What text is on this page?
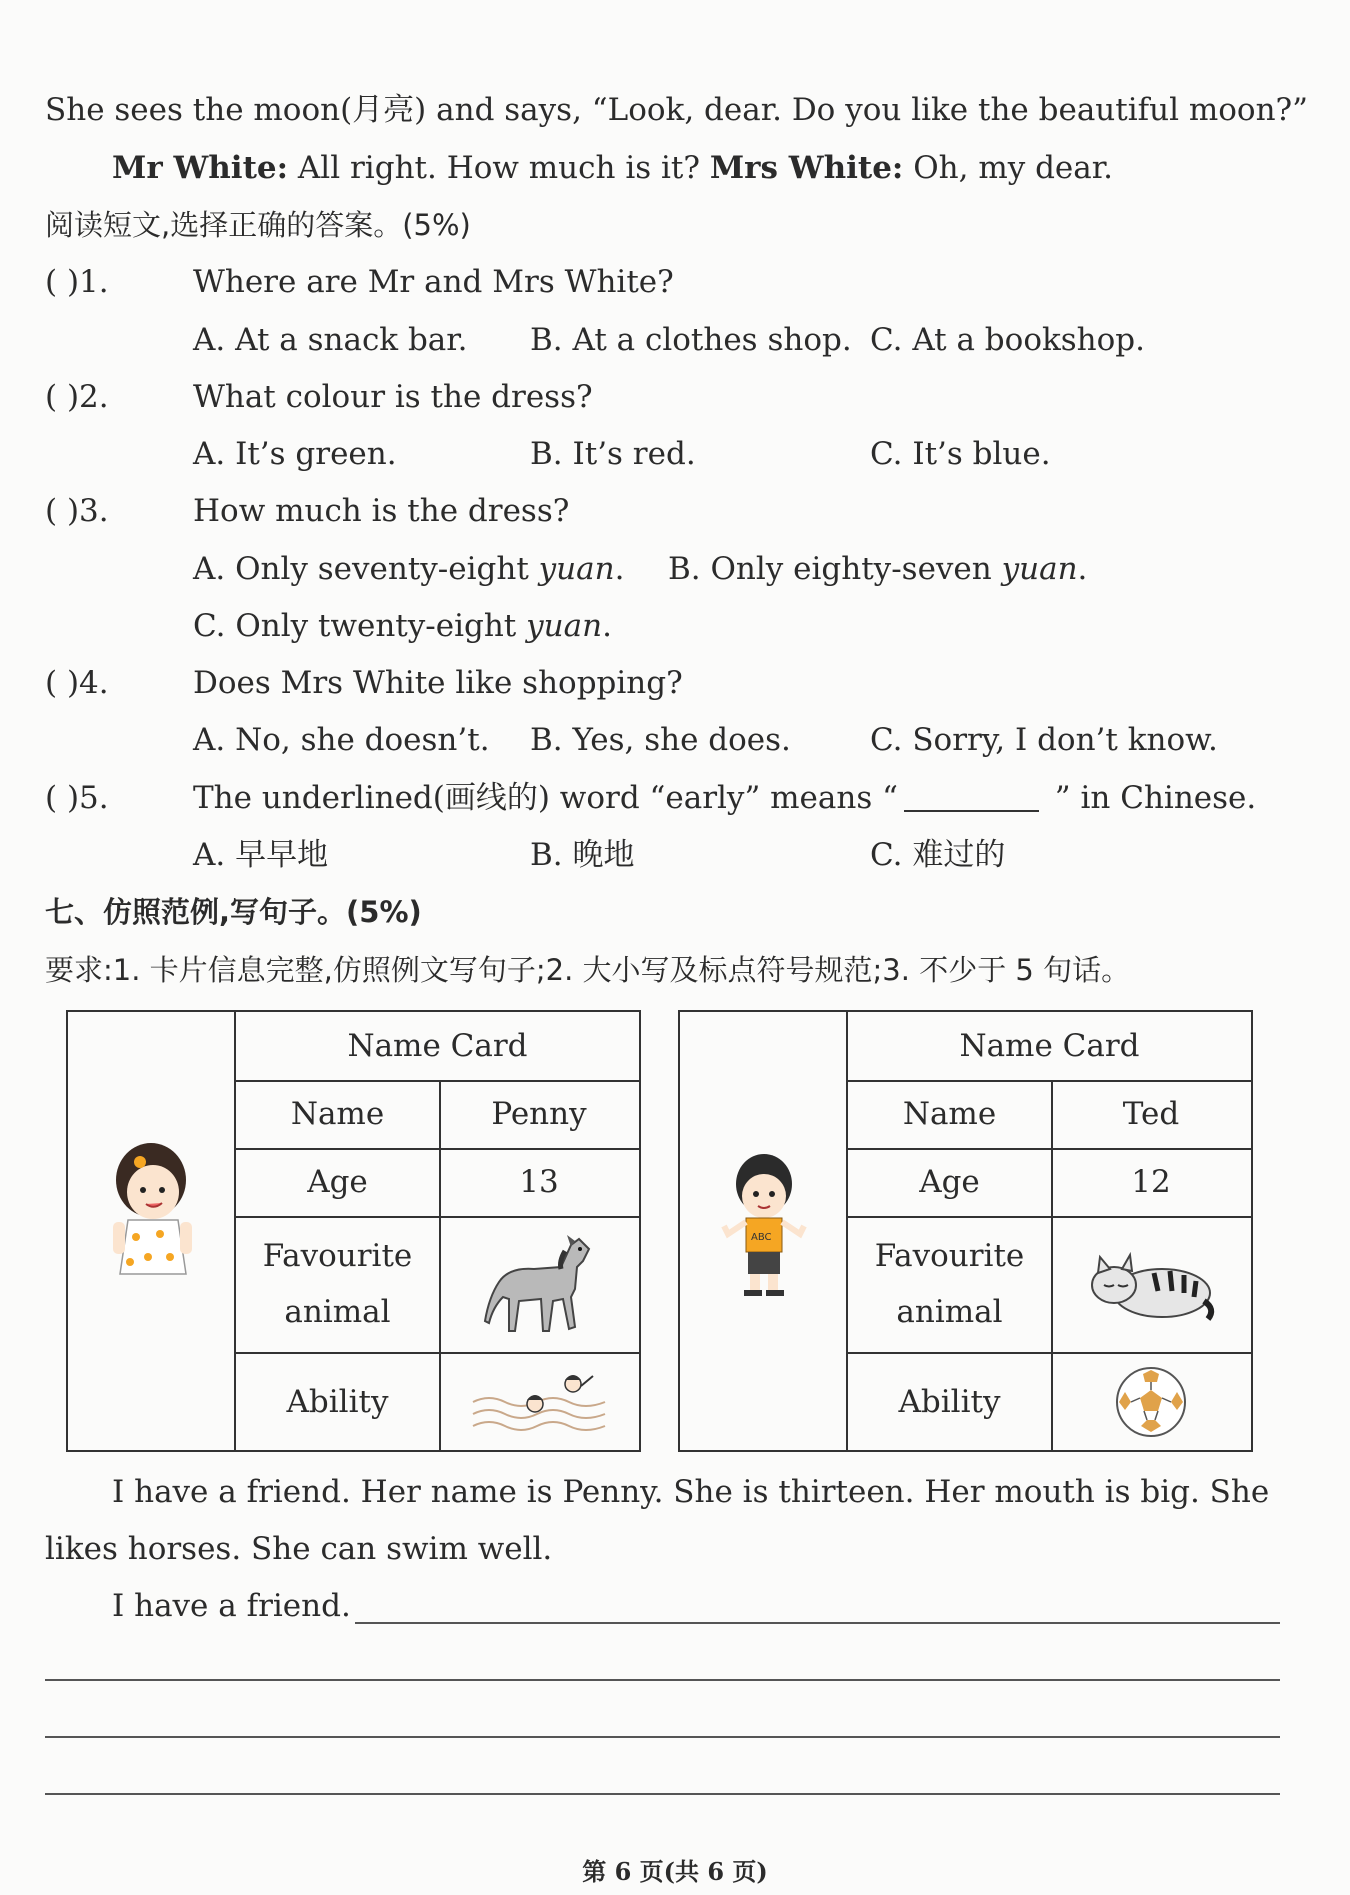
She sees the moon(月亮) and says, “Look, dear. Do you like the beautiful moon?”
Mr White: All right. How much is it? Mrs White: Oh, my dear.
阅读短文,选择正确的答案。(5%)
( )1.	Where are Mr and Mrs White?
A. At a snack bar. B. At a clothes shop. C. At a bookshop.
( )2.	What colour is the dress?
A. It’s green.	B. It’s red.	C. It’s blue.
( )3.	How much is the dress?
A. Only seventy-eight yuan. B. Only eighty-seven yuan.
C. Only twenty-eight yuan.
( )4.	Does Mrs White like shopping?
A. No, she doesn’t. B. Yes, she does.	C. Sorry, I don’t know.
( )5.	The underlined(画线的) word “early” means “	” in Chinese.
A. 早早地	B. 晚地	C. 难过的
七、仿照范例,写句子。(5%)
要求:1. 卡片信息完整,仿照例文写句子;2. 大小写及标点符号规范;3. 不少于 5 句话。
Name Card
Name	Penny
Age	13
Favourite
animal
Ability
ABC
Name Card
Name	Ted
Age	12
Favourite
animal
Ability
I have a friend. Her name is Penny. She is thirteen. Her mouth is big. She
likes horses. She can swim well.
I have a friend.
第 6 页(共 6 页)
